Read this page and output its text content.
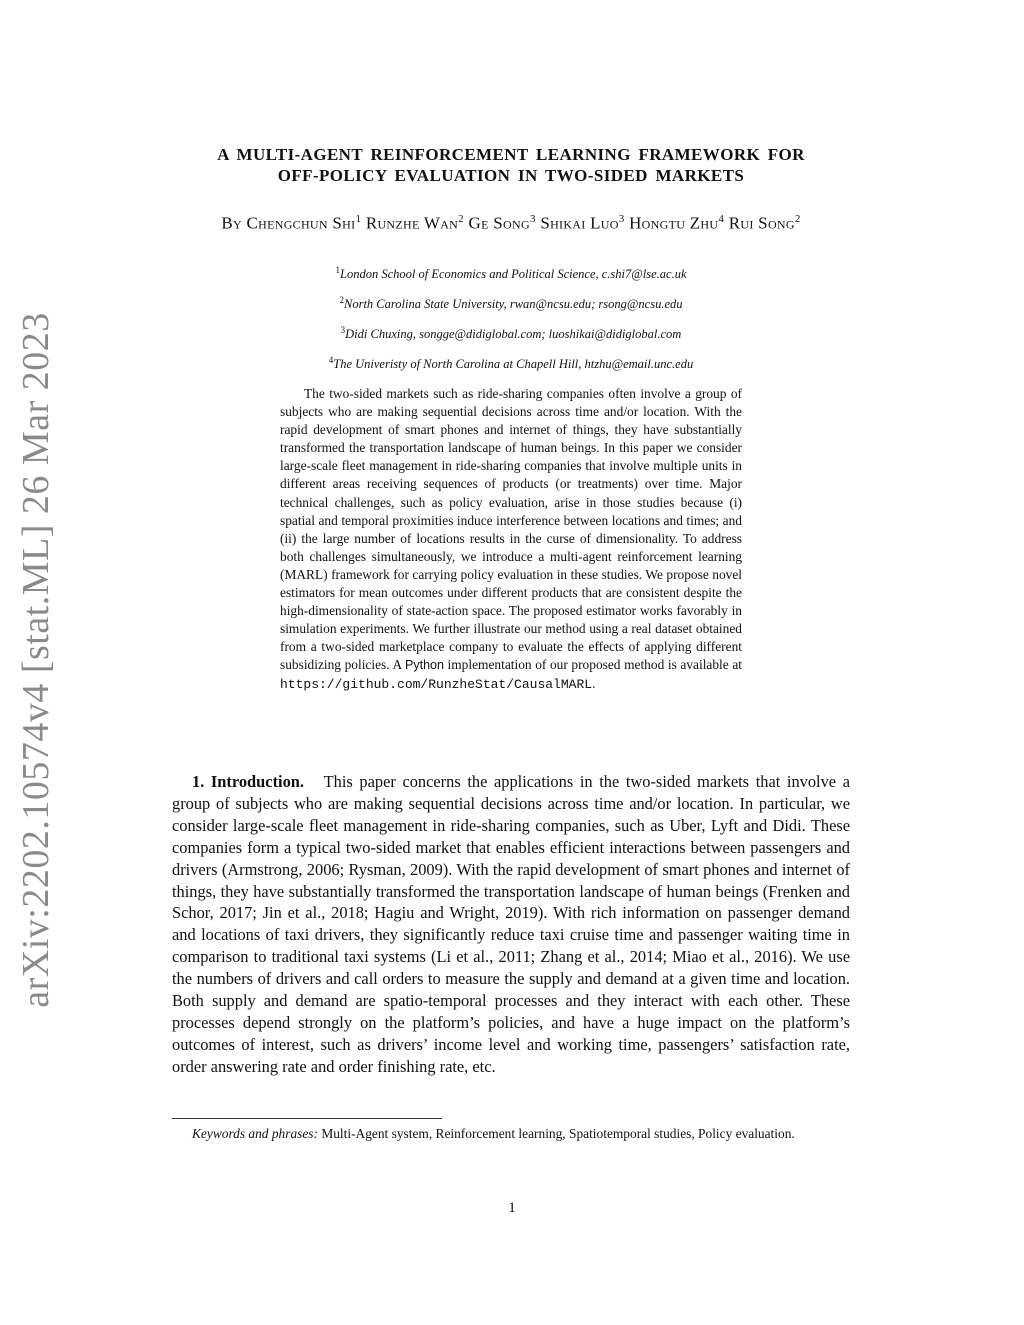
arXiv:2202.10574v4 [stat.ML] 26 Mar 2023
A MULTI-AGENT REINFORCEMENT LEARNING FRAMEWORK FOR
OFF-POLICY EVALUATION IN TWO-SIDED MARKETS
By Chengchun Shi$^1$ Runzhe Wan$^2$ Ge Song$^3$ Shikai Luo$^3$ Hongtu Zhu$^4$ Rui Song$^2$
$^1$London School of Economics and Political Science, c.shi7@lse.ac.uk
$^2$North Carolina State University, rwan@ncsu.edu; rsong@ncsu.edu
$^3$Didi Chuxing, songge@didiglobal.com; luoshikai@didiglobal.com
$^4$The Univeristy of North Carolina at Chapell Hill, htzhu@email.unc.edu
The two-sided markets such as ride-sharing companies often involve a group of subjects who are making sequential decisions across time and/or location. With the rapid development of smart phones and internet of things, they have substantially transformed the transportation landscape of human beings. In this paper we consider large-scale fleet management in ride-sharing companies that involve multiple units in different areas receiving sequences of products (or treatments) over time. Major technical challenges, such as policy evaluation, arise in those studies because (i) spatial and temporal proximities induce interference between locations and times; and (ii) the large number of locations results in the curse of dimensionality. To address both challenges simultaneously, we introduce a multi-agent reinforcement learning (MARL) framework for carrying policy evaluation in these studies. We propose novel estimators for mean outcomes under different products that are consistent despite the high-dimensionality of state-action space. The proposed estimator works favorably in simulation experiments. We further illustrate our method using a real dataset obtained from a two-sided marketplace company to evaluate the effects of applying different subsidizing policies. A Python implementation of our proposed method is available at https://github.com/RunzheStat/CausalMARL.
1. Introduction. This paper concerns the applications in the two-sided markets that involve a group of subjects who are making sequential decisions across time and/or location. In particular, we consider large-scale fleet management in ride-sharing companies, such as Uber, Lyft and Didi. These companies form a typical two-sided market that enables efficient interactions between passengers and drivers (Armstrong, 2006; Rysman, 2009). With the rapid development of smart phones and internet of things, they have substantially transformed the transportation landscape of human beings (Frenken and Schor, 2017; Jin et al., 2018; Hagiu and Wright, 2019). With rich information on passenger demand and locations of taxi drivers, they significantly reduce taxi cruise time and passenger waiting time in comparison to traditional taxi systems (Li et al., 2011; Zhang et al., 2014; Miao et al., 2016). We use the numbers of drivers and call orders to measure the supply and demand at a given time and location. Both supply and demand are spatio-temporal processes and they interact with each other. These processes depend strongly on the platform’s policies, and have a huge impact on the platform’s outcomes of interest, such as drivers’ income level and working time, passengers’ satisfaction rate, order answering rate and order finishing rate, etc.
Keywords and phrases: Multi-Agent system, Reinforcement learning, Spatiotemporal studies, Policy evaluation.
1
